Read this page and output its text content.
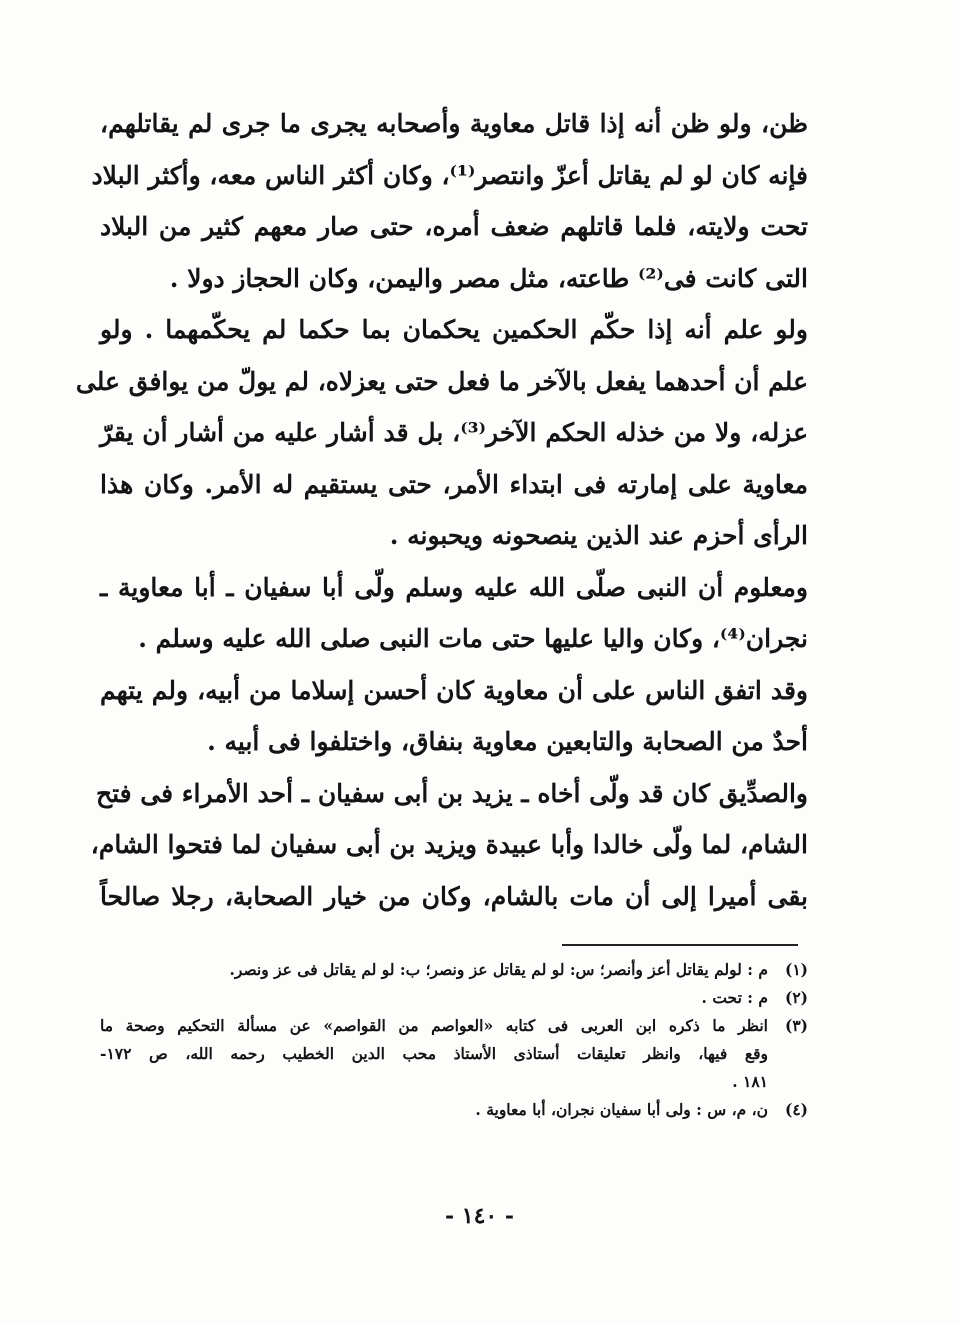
ظن، ولو ظن أنه إذا قاتل معاوية وأصحابه يجرى ما جرى لم يقاتلهم،
فإنه كان لو لم يقاتل أعزّ وانتصر⁽¹⁾، وكان أكثر الناس معه، وأكثر البلاد
تحت ولايته، فلما قاتلهم ضعف أمره، حتى صار معهم كثير من البلاد
التى كانت فى⁽²⁾ طاعته، مثل مصر واليمن، وكان الحجاز دولا .

ولو علم أنه إذا حكّم الحكمين يحكمان بما حكما لم يحكّمهما . ولو
علم أن أحدهما يفعل بالآخر ما فعل حتى يعزلاه، لم يولّ من يوافق على
عزله، ولا من خذله الحكم الآخر⁽³⁾، بل قد أشار عليه من أشار أن يقرّ
معاوية على إمارته فى ابتداء الأمر، حتى يستقيم له الأمر. وكان هذا
الرأى أحزم عند الذين ينصحونه ويحبونه .

ومعلوم أن النبى صلّى الله عليه وسلم ولّى أبا سفيان ـ أبا معاوية ـ
نجران⁽⁴⁾، وكان واليا عليها حتى مات النبى صلى الله عليه وسلم .

وقد اتفق الناس على أن معاوية كان أحسن إسلاما من أبيه، ولم يتهم
أحدٌ من الصحابة والتابعين معاوية بنفاق، واختلفوا فى أبيه .

والصدِّيق كان قد ولّى أخاه ـ يزيد بن أبى سفيان ـ أحد الأمراء فى فتح
الشام، لما ولّى خالدا وأبا عبيدة ويزيد بن أبى سفيان لما فتحوا الشام،
بقى أميرا إلى أن مات بالشام، وكان من خيار الصحابة، رجلا صالحاً

(١)
م : لولم يقاتل أعز وأنصر؛ س: لو لم يقاتل عز ونصر؛ ب: لو لم يقاتل فى عز ونصر.
(٢)
م : تحت .
(٣)
انظر ما ذكره ابن العربى فى كتابه «العواصم من القواصم» عن مسألة التحكيم وصحة ما
وقع فيها، وانظر تعليقات أستاذى الأستاذ محب الدين الخطيب رحمه الله، ص ١٧٢-
١٨١ .
(٤)
ن، م، س : ولى أبا سفيان نجران، أبا معاوية .
- ١٤٠ -
